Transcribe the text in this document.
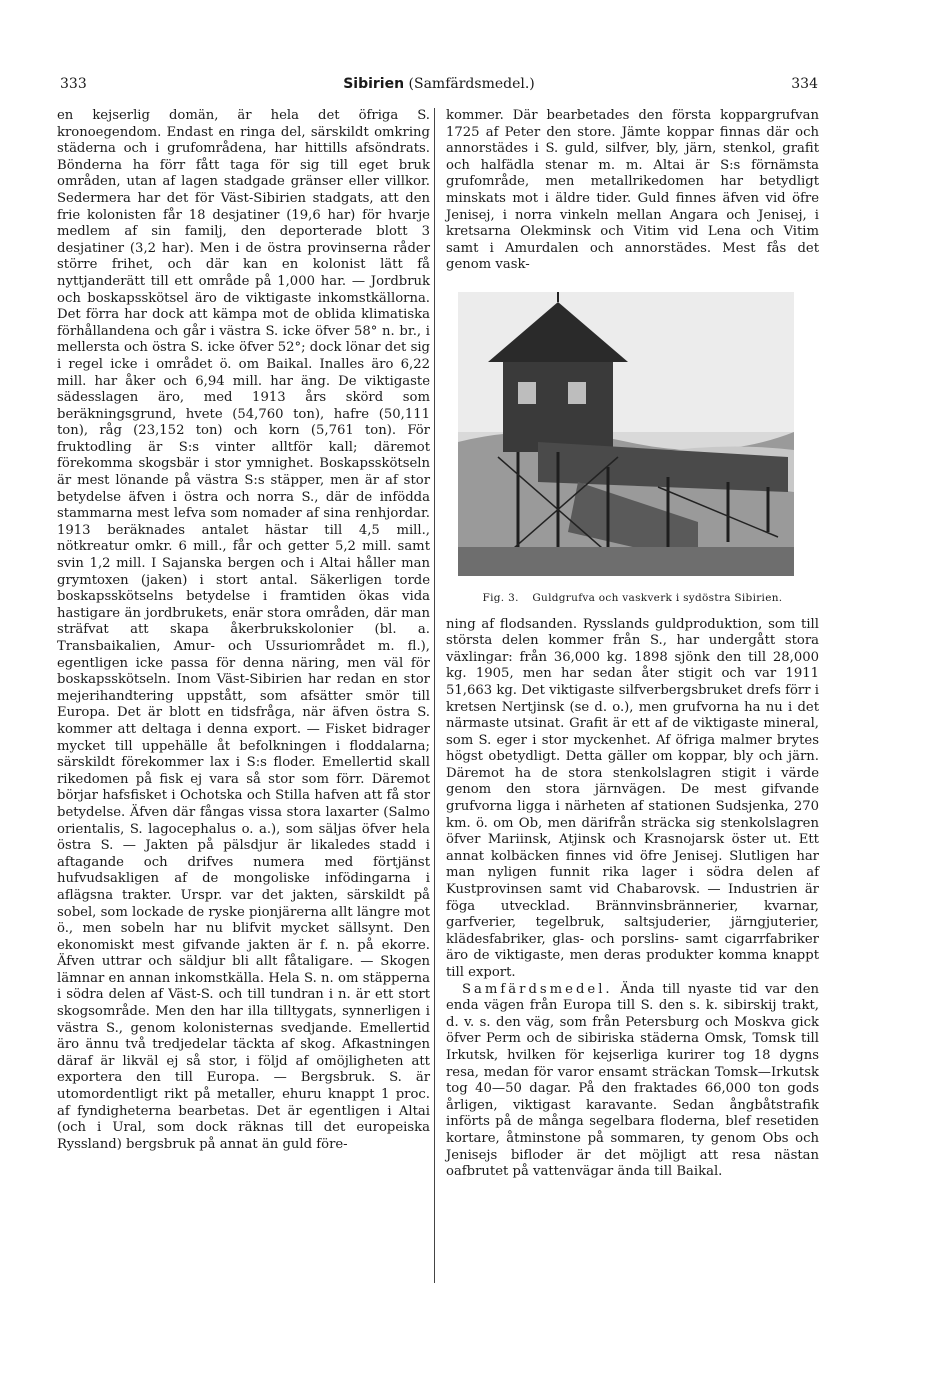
333	Sibirien (Samfärdsmedel.)	334

en kejserlig domän, är hela det öfriga S. kronoegendom. Endast en ringa del, särskildt omkring städerna och i grufområdena, har hittills afsöndrats. Bönderna ha förr fått taga för sig till eget bruk områden, utan af lagen stadgade gränser eller villkor. Sedermera har det för Väst-Sibirien stadgats, att den frie kolonisten får 18 desjatiner (19,6 har) för hvarje medlem af sin familj, den deporterade blott 3 desjatiner (3,2 har). Men i de östra provinserna råder större frihet, och där kan en kolonist lätt få nyttjanderätt till ett område på 1,000 har. — Jordbruk och boskapsskötsel äro de viktigaste inkomstkällorna. Det förra har dock att kämpa mot de oblida klimatiska förhållandena och går i västra S. icke öfver 58° n. br., i mellersta och östra S. icke öfver 52°; dock lönar det sig i regel icke i området ö. om Baikal. Inalles äro 6,22 mill. har åker och 6,94 mill. har äng. De viktigaste sädesslagen äro, med 1913 års skörd som beräkningsgrund, hvete (54,760 ton), hafre (50,111 ton), råg (23,152 ton) och korn (5,761 ton). För fruktodling är S:s vinter alltför kall; däremot förekomma skogsbär i stor ymnighet. Boskapsskötseln är mest lönande på västra S:s stäpper, men är af stor betydelse äfven i östra och norra S., där de infödda stammarna mest lefva som nomader af sina renhjordar. 1913 beräknades antalet hästar till 4,5 mill., nötkreatur omkr. 6 mill., får och getter 5,2 mill. samt svin 1,2 mill. I Sajanska bergen och i Altai håller man grymtoxen (jaken) i stort antal. Säkerligen torde boskapsskötselns betydelse i framtiden ökas vida hastigare än jordbrukets, enär stora områden, där man sträfvat att skapa åkerbrukskolonier (bl. a. Transbaikalien, Amur- och Ussuriområdet m. fl.), egentligen icke passa för denna näring, men väl för boskapsskötseln. Inom Väst-Sibirien har redan en stor mejerihandtering uppstått, som afsätter smör till Europa. Det är blott en tidsfråga, när äfven östra S. kommer att deltaga i denna export. — Fisket bidrager mycket till uppehälle åt befolkningen i floddalarna; särskildt förekommer lax i S:s floder. Emellertid skall rikedomen på fisk ej vara så stor som förr. Däremot börjar hafsfisket i Ochotska och Stilla hafven att få stor betydelse. Äfven där fångas vissa stora laxarter (Salmo orientalis, S. lagocephalus o. a.), som säljas öfver hela östra S. — Jakten på pälsdjur är likaledes stadd i aftagande och drifves numera med förtjänst hufvudsakligen af de mongoliske infödingarna i aflägsna trakter. Urspr. var det jakten, särskildt på sobel, som lockade de ryske pionjärerna allt längre mot ö., men sobeln har nu blifvit mycket sällsynt. Den ekonomiskt mest gifvande jakten är f. n. på ekorre. Äfven uttrar och säldjur bli allt fåtaligare. — Skogen lämnar en annan inkomstkälla. Hela S. n. om stäpperna i södra delen af Väst-S. och till tundran i n. är ett stort skogsområde. Men den har illa tilltygats, synnerligen i västra S., genom kolonisternas svedjande. Emellertid äro ännu två tredjedelar täckta af skog. Afkastningen däraf är likväl ej så stor, i följd af omöjligheten att exportera den till Europa. — Bergsbruk. S. är utomordentligt rikt på metaller, ehuru knappt 1 proc. af fyndigheterna bearbetas. Det är egentligen i Altai (och i Ural, som dock räknas till det europeiska Ryssland) bergsbruk på annat än guld före-

kommer. Där bearbetades den första koppargrufvan 1725 af Peter den store. Jämte koppar finnas där och annorstädes i S. guld, silfver, bly, järn, stenkol, grafit och halfädla stenar m. m. Altai är S:s förnämsta grufområde, men metallrikedomen har betydligt minskats mot i äldre tider. Guld finnes äfven vid öfre Jenisej, i norra vinkeln mellan Angara och Jenisej, i kretsarna Olekminsk och Vitim vid Lena och Vitim samt i Amurdalen och annorstädes. Mest fås det genom vask-

Fig. 3. Guldgrufva och vaskverk i sydöstra Sibirien.

ning af flodsanden. Rysslands guldproduktion, som till största delen kommer från S., har undergått stora växlingar: från 36,000 kg. 1898 sjönk den till 28,000 kg. 1905, men har sedan åter stigit och var 1911 51,663 kg. Det viktigaste silfverbergsbruket drefs förr i kretsen Nertjinsk (se d. o.), men grufvorna ha nu i det närmaste utsinat. Grafit är ett af de viktigaste mineral, som S. eger i stor myckenhet. Af öfriga malmer brytes högst obetydligt. Detta gäller om koppar, bly och järn. Däremot ha de stora stenkolslagren stigit i värde genom den stora järnvägen. De mest gifvande grufvorna ligga i närheten af stationen Sudsjenka, 270 km. ö. om Ob, men därifrån sträcka sig stenkolslagren öfver Mariinsk, Atjinsk och Krasnojarsk öster ut. Ett annat kolbäcken finnes vid öfre Jenisej. Slutligen har man nyligen funnit rika lager i södra delen af Kustprovinsen samt vid Chabarovsk. — Industrien är föga utvecklad. Brännvinsbrännerier, kvarnar, garfverier, tegelbruk, saltsjuderier, järngjuterier, klädesfabriker, glas- och porslins- samt cigarrfabriker äro de viktigaste, men deras produkter komma knappt till export.

Samfärdsmedel. Ända till nyaste tid var den enda vägen från Europa till S. den s. k. sibirskij trakt, d. v. s. den väg, som från Petersburg och Moskva gick öfver Perm och de sibiriska städerna Omsk, Tomsk till Irkutsk, hvilken för kejserliga kurirer tog 18 dygns resa, medan för varor ensamt sträckan Tomsk—Irkutsk tog 40—50 dagar. På den fraktades 66,000 ton gods årligen, viktigast karavante. Sedan ångbåtstrafik införts på de många segelbara floderna, blef resetiden kortare, åtminstone på sommaren, ty genom Obs och Jenisejs bifloder är det möjligt att resa nästan oafbrutet på vattenvägar ända till Baikal.
